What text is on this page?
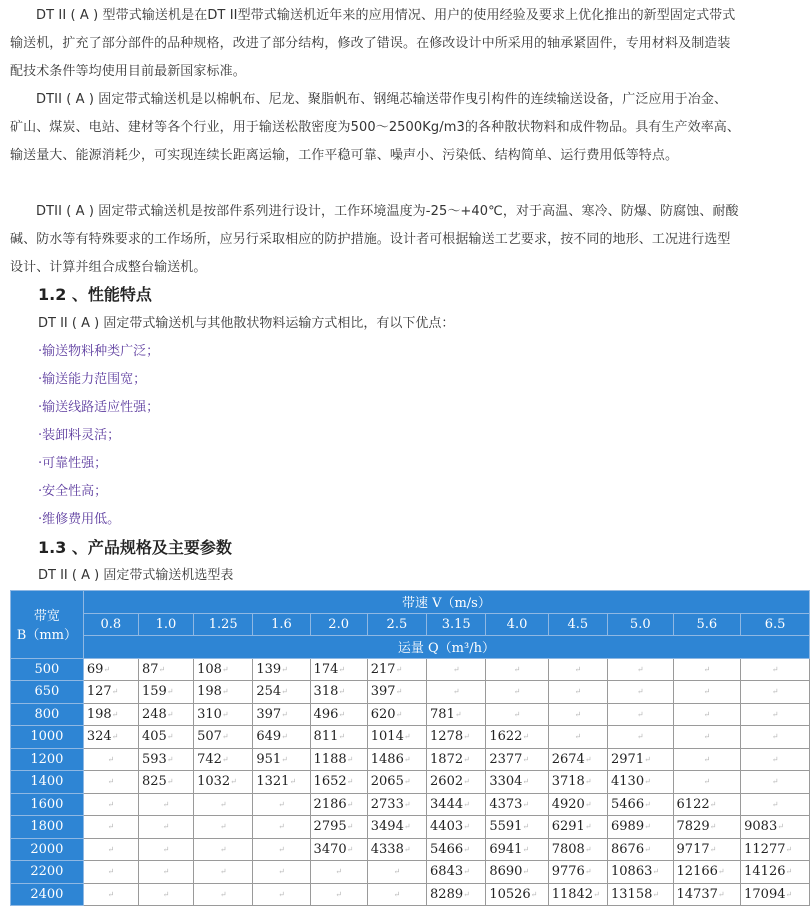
DT II ( A ) 型带式输送机是在DT II型带式输送机近年来的应用情况、用户的使用经验及要求上优化推出的新型固定式带式输送机，扩充了部分部件的品种规格，改进了部分结构，修改了错误。在修改设计中所采用的轴承紧固件，专用材料及制造装配技术条件等均使用目前最新国家标准。

DTII ( A ) 固定带式输送机是以棉帆布、尼龙、聚脂帆布、钢绳芯输送带作曳引构件的连续输送设备，广泛应用于冶金、矿山、煤炭、电站、建材等各个行业，用于输送松散密度为500～2500Kg/m3的各种散状物料和成件物品。具有生产效率高、输送量大、能源消耗少，可实现连续长距离运输，工作平稳可靠、噪声小、污染低、结构简单、运行费用低等特点。

DTII ( A ) 固定带式输送机是按部件系列进行设计，工作环境温度为-25～+40℃，对于高温、寒冷、防爆、防腐蚀、耐酸碱、防水等有特殊要求的工作场所，应另行采取相应的防护措施。设计者可根据输送工艺要求，按不同的地形、工况进行选型设计、计算并组合成整台输送机。

1.2 、性能特点

DT II ( A ) 固定带式输送机与其他散状物料运输方式相比，有以下优点：

·输送物料种类广泛；

·输送能力范围宽；

·输送线路适应性强；

·装卸料灵活；

·可靠性强；

·安全性高；

·维修费用低。

1.3 、产品规格及主要参数

DT II ( A ) 固定带式输送机选型表

带宽
B（mm）	带速 V（m/s）											
	0.8	1.0	1.25	1.6	2.0	2.5	3.15	4.0	4.5	5.0	5.6	6.5
	运量 Q（m³/h）											
500	69↵	87↵	108↵	139↵	174↵	217↵	↵	↵	↵	↵	↵	↵
650	127↵	159↵	198↵	254↵	318↵	397↵	↵	↵	↵	↵	↵	↵
800	198↵	248↵	310↵	397↵	496↵	620↵	781↵	↵	↵	↵	↵	↵
1000	324↵	405↵	507↵	649↵	811↵	1014↵	1278↵	1622↵	↵	↵	↵	↵
1200	↵	593↵	742↵	951↵	1188↵	1486↵	1872↵	2377↵	2674↵	2971↵	↵	↵
1400	↵	825↵	1032↵	1321↵	1652↵	2065↵	2602↵	3304↵	3718↵	4130↵	↵	↵
1600	↵	↵	↵	↵	2186↵	2733↵	3444↵	4373↵	4920↵	5466↵	6122↵	↵
1800	↵	↵	↵	↵	2795↵	3494↵	4403↵	5591↵	6291↵	6989↵	7829↵	9083↵
2000	↵	↵	↵	↵	3470↵	4338↵	5466↵	6941↵	7808↵	8676↵	9717↵	11277↵
2200	↵	↵	↵	↵	↵	↵	6843↵	8690↵	9776↵	10863↵	12166↵	14126↵
2400	↵	↵	↵	↵	↵	↵	8289↵	10526↵	11842↵	13158↵	14737↵	17094↵
